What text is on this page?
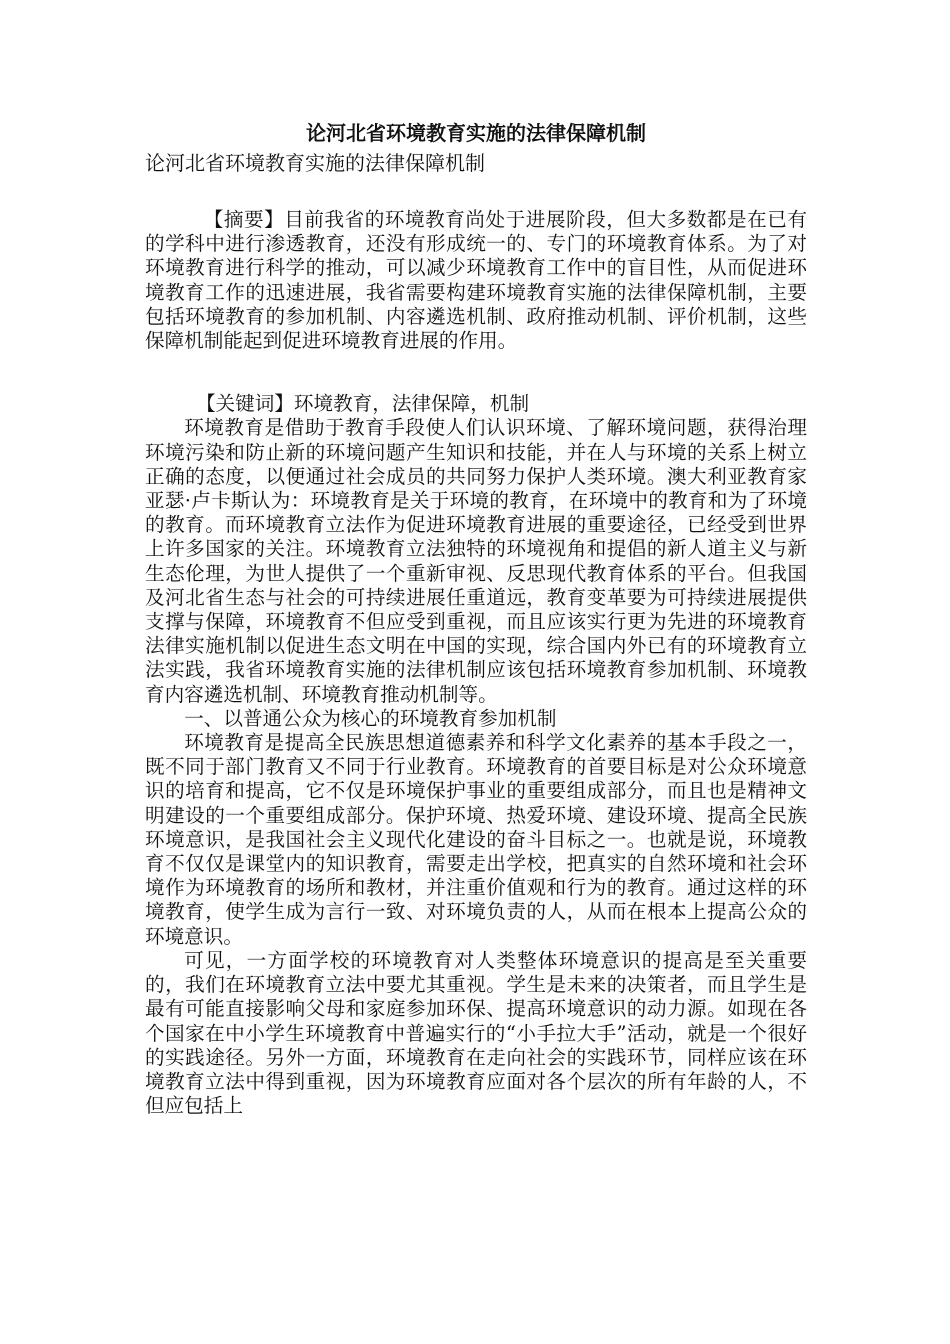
论河北省环境教育实施的法律保障机制

论河北省环境教育实施的法律保障机制

【摘要】目前我省的环境教育尚处于进展阶段，但大多数都是在已有的学科中进行渗透教育，还没有形成统一的、专门的环境教育体系。为了对环境教育进行科学的推动，可以减少环境教育工作中的盲目性，从而促进环境教育工作的迅速进展，我省需要构建环境教育实施的法律保障机制，主要包括环境教育的参加机制、内容遴选机制、政府推动机制、评价机制，这些保障机制能起到促进环境教育进展的作用。

【关键词】环境教育，法律保障，机制

环境教育是借助于教育手段使人们认识环境、了解环境问题，获得治理环境污染和防止新的环境问题产生知识和技能，并在人与环境的关系上树立正确的态度，以便通过社会成员的共同努力保护人类环境。澳大利亚教育家亚瑟·卢卡斯认为：环境教育是关于环境的教育，在环境中的教育和为了环境的教育。而环境教育立法作为促进环境教育进展的重要途径，已经受到世界上许多国家的关注。环境教育立法独特的环境视角和提倡的新人道主义与新生态伦理，为世人提供了一个重新审视、反思现代教育体系的平台。但我国及河北省生态与社会的可持续进展任重道远，教育变革要为可持续进展提供支撑与保障，环境教育不但应受到重视，而且应该实行更为先进的环境教育法律实施机制以促进生态文明在中国的实现，综合国内外已有的环境教育立法实践，我省环境教育实施的法律机制应该包括环境教育参加机制、环境教育内容遴选机制、环境教育推动机制等。

一、以普通公众为核心的环境教育参加机制

环境教育是提高全民族思想道德素养和科学文化素养的基本手段之一，既不同于部门教育又不同于行业教育。环境教育的首要目标是对公众环境意识的培育和提高，它不仅是环境保护事业的重要组成部分，而且也是精神文明建设的一个重要组成部分。保护环境、热爱环境、建设环境、提高全民族环境意识，是我国社会主义现代化建设的奋斗目标之一。也就是说，环境教育不仅仅是课堂内的知识教育，需要走出学校，把真实的自然环境和社会环境作为环境教育的场所和教材，并注重价值观和行为的教育。通过这样的环境教育，使学生成为言行一致、对环境负责的人，从而在根本上提高公众的环境意识。

可见，一方面学校的环境教育对人类整体环境意识的提高是至关重要的，我们在环境教育立法中要尤其重视。学生是未来的决策者，而且学生是最有可能直接影响父母和家庭参加环保、提高环境意识的动力源。如现在各个国家在中小学生环境教育中普遍实行的“小手拉大手”活动，就是一个很好的实践途径。另外一方面，环境教育在走向社会的实践环节，同样应该在环境教育立法中得到重视，因为环境教育应面对各个层次的所有年龄的人，不但应包括上
